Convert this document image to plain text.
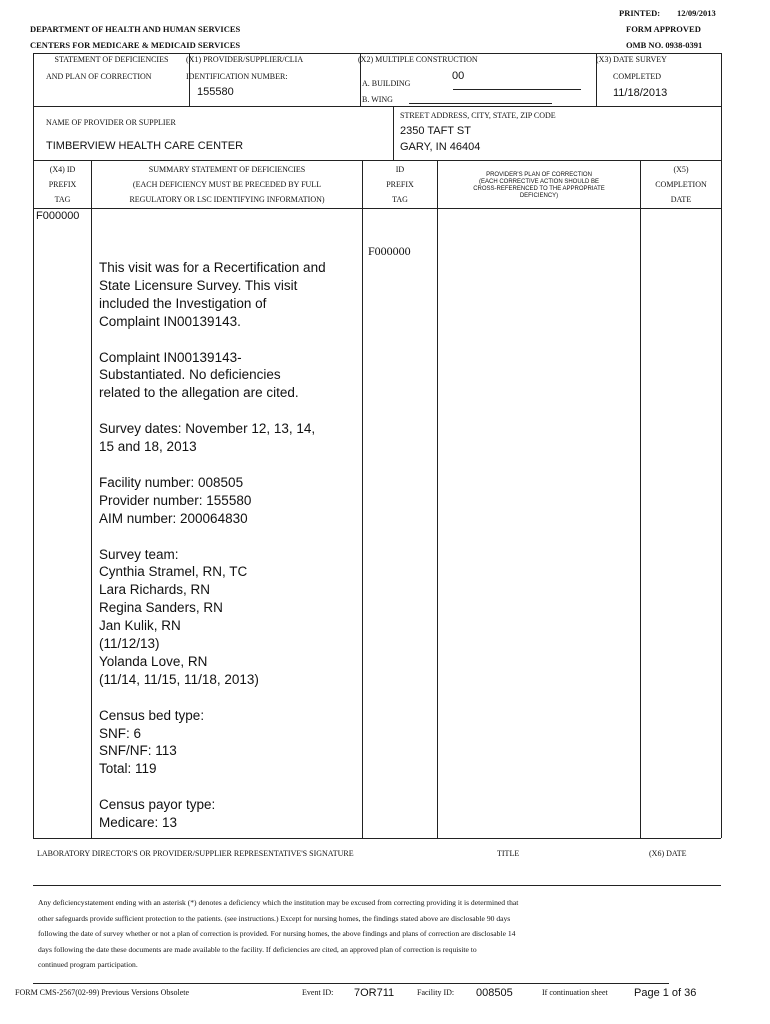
PRINTED: 12/09/2013
DEPARTMENT OF HEALTH AND HUMAN SERVICES	FORM APPROVED
CENTERS FOR MEDICARE & MEDICAID SERVICES	OMB NO. 0938-0391
STATEMENT OF DEFICIENCIES
AND PLAN OF CORRECTION
(X1) PROVIDER/SUPPLIER/CLIA
IDENTIFICATION NUMBER:
155580
(X2) MULTIPLE CONSTRUCTION
A. BUILDING
00
B. WING
(X3) DATE SURVEY
COMPLETED
11/18/2013
NAME OF PROVIDER OR SUPPLIER
TIMBERVIEW HEALTH CARE CENTER
STREET ADDRESS, CITY, STATE, ZIP CODE
2350 TAFT ST
GARY, IN 46404
(X4) ID
PREFIX
TAG
SUMMARY STATEMENT OF DEFICIENCIES
(EACH DEFICIENCY MUST BE PRECEDED BY FULL
REGULATORY OR LSC IDENTIFYING INFORMATION)
ID
PREFIX
TAG
PROVIDER'S PLAN OF CORRECTION
(EACH CORRECTIVE ACTION SHOULD BE
CROSS-REFERENCED TO THE APPROPRIATE
DEFICIENCY)
(X5)
COMPLETION
DATE
F000000
F000000
This visit was for a Recertification and
State Licensure Survey. This visit
included the Investigation of
Complaint IN00139143.

Complaint IN00139143-
Substantiated. No deficiencies
related to the allegation are cited.

Survey dates: November 12, 13, 14,
15 and 18, 2013

Facility number: 008505
Provider number: 155580
AIM number: 200064830

Survey team:
Cynthia Stramel, RN, TC
Lara Richards, RN
Regina Sanders, RN
Jan Kulik, RN
(11/12/13)
Yolanda Love, RN
(11/14, 11/15, 11/18, 2013)

Census bed type:
SNF: 6
SNF/NF: 113
Total: 119

Census payor type:
Medicare: 13
LABORATORY DIRECTOR'S OR PROVIDER/SUPPLIER REPRESENTATIVE'S SIGNATURE	TITLE	(X6) DATE
Any deficiencystatement ending with an asterisk (*) denotes a deficiency which the institution may be excused from correcting providing it is determined that
other safeguards provide sufficient protection to the patients. (see instructions.) Except for nursing homes, the findings stated above are disclosable 90 days
following the date of survey whether or not a plan of correction is provided. For nursing homes, the above findings and plans of correction are disclosable 14
days following the date these documents are made available to the facility. If deficiencies are cited, an approved plan of correction is requisite to
continued program participation.
FORM CMS-2567(02-99) Previous Versions Obsolete	Event ID: 7OR711	Facility ID: 008505	If continuation sheet Page 1 of 36
